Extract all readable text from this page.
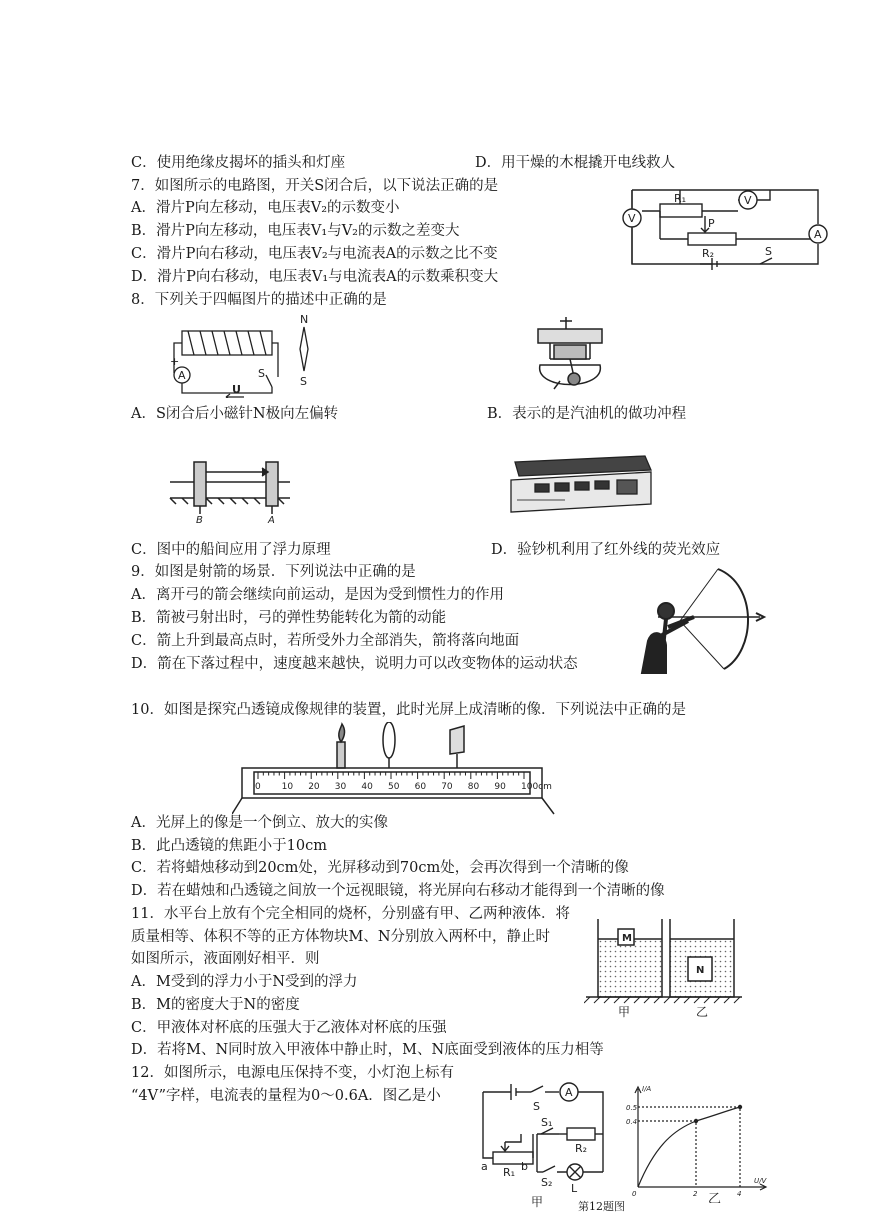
C．使用绝缘皮揭坏的插头和灯座	D．用干燥的木棍撬开电线救人
7．如图所示的电路图，开关S闭合后，以下说法正确的是
A．滑片P向左移动，电压表V₂的示数变小
B．滑片P向左移动，电压表V₁与V₂的示数之差变大
C．滑片P向右移动，电压表V₂与电流表A的示数之比不变
D．滑片P向右移动，电压表V₁与电流表A的示数乘积变大
V
V
A
R₁
P
R₂	S
8．下列关于四幅图片的描述中正确的是
A
+
S
U
N
S
A．S闭合后小磁针N极向左偏转	B．表示的是汽油机的做功冲程
B	A
C．图中的船间应用了浮力原理	D．验钞机利用了红外线的荧光效应
9．如图是射箭的场景．下列说法中正确的是
A．离开弓的箭会继续向前运动，是因为受到惯性力的作用
B．箭被弓射出时，弓的弹性势能转化为箭的动能
C．箭上升到最高点时，若所受外力全部消失，箭将落向地面
D．箭在下落过程中，速度越来越快，说明力可以改变物体的运动状态
10．如图是探究凸透镜成像规律的装置，此时光屏上成清晰的像．下列说法中正确的是
0 10 20 30 40 50 60 70 80 90 100cm
A．光屏上的像是一个倒立、放大的实像
B．此凸透镜的焦距小于10cm
C．若将蜡烛移动到20cm处，光屏移动到70cm处，会再次得到一个清晰的像
D．若在蜡烛和凸透镜之间放一个远视眼镜，将光屏向右移动才能得到一个清晰的像
11．水平台上放有个完全相同的烧杯，分别盛有甲、乙两种液体．将
质量相等、体积不等的正方体物块M、N分别放入两杯中，静止时
如图所示，液面刚好相平．则
A．M受到的浮力小于N受到的浮力
B．M的密度大于N的密度
C．甲液体对杯底的压强大于乙液体对杯底的压强
D．若将M、N同时放入甲液体中静止时，M、N底面受到液体的压力相等
M
N
甲	乙
12．如图所示，电源电压保持不变，小灯泡上标有
“4V”字样，电流表的量程为0～0.6A．图乙是小
S
A
S₁
R₂
S₂ L
R₁
a	b
甲	第12题图
I/A
U/V
0.5
0.4
0	2	4
乙
